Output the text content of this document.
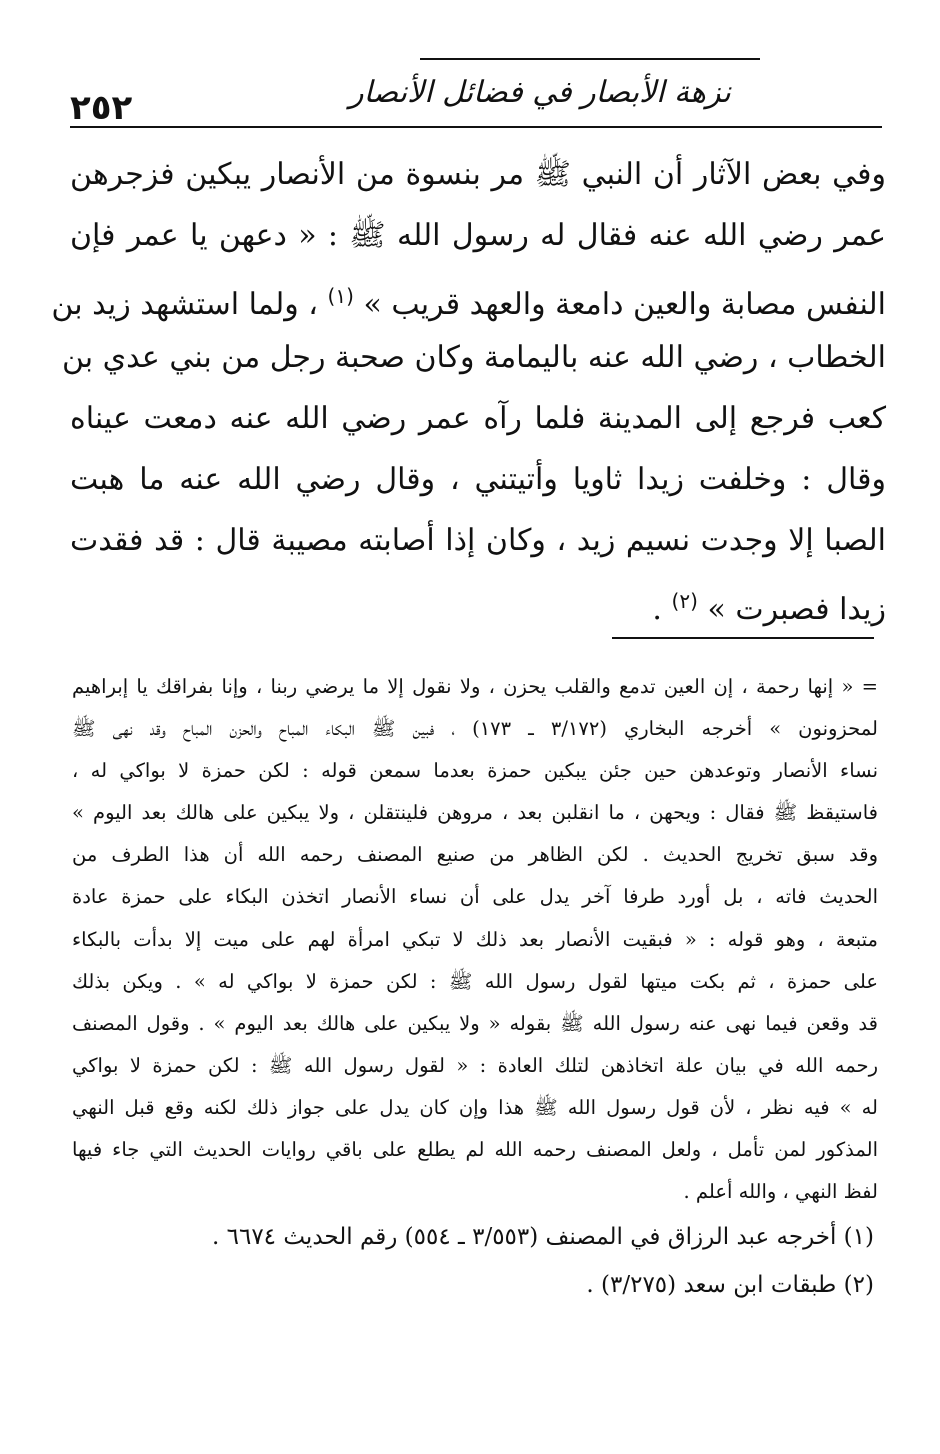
٢٥٢	نزهة الأبصار في فضائل الأنصار
وفي بعض الآثار أن النبي ﷺ مر بنسوة من الأنصار يبكين فزجرهن
عمر رضي الله عنه فقال له رسول الله ﷺ : « دعهن يا عمر فإن
النفس مصابة والعين دامعة والعهد قريب » $^{(١)}$ ، ولما استشهد زيد بن
الخطاب ، رضي الله عنه باليمامة وكان صحبة رجل من بني عدي بن
كعب فرجع إلى المدينة فلما رآه عمر رضي الله عنه دمعت عيناه
وقال : وخلفت زيدا ثاويا وأتيتني ، وقال رضي الله عنه ما هبت
الصبا إلا وجدت نسيم زيد ، وكان إذا أصابته مصيبة قال : قد فقدت
زيدا فصبرت » $^{(٢)}$ .
= « إنها رحمة ، إن العين تدمع والقلب يحزن ، ولا نقول إلا ما يرضي ربنا ، وإنا بفراقك يا إبراهيم
لمحزونون » أخرجه البخاري (٣/١٧٢ ـ ١٧٣) ، فبين ﷺ البكاء المباح والحزن المباح وقد نهى ﷺ
نساء الأنصار وتوعدهن حين جئن يبكين حمزة بعدما سمعن قوله : لكن حمزة لا بواكي له ،
فاستيقظ ﷺ فقال : ويحهن ، ما انقلبن بعد ، مروهن فلينتقلن ، ولا يبكين على هالك بعد اليوم »
وقد سبق تخريج الحديث . لكن الظاهر من صنيع المصنف رحمه الله أن هذا الطرف من
الحديث فاته ، بل أورد طرفا آخر يدل على أن نساء الأنصار اتخذن البكاء على حمزة عادة
متبعة ، وهو قوله : « فبقيت الأنصار بعد ذلك لا تبكي امرأة لهم على ميت إلا بدأت بالبكاء
على حمزة ، ثم بكت ميتها لقول رسول الله ﷺ : لكن حمزة لا بواكي له » . ويكن بذلك
قد وقعن فيما نهى عنه رسول الله ﷺ بقوله « ولا يبكين على هالك بعد اليوم » . وقول المصنف
رحمه الله في بيان علة اتخاذهن لتلك العادة : « لقول رسول الله ﷺ : لكن حمزة لا بواكي
له » فيه نظر ، لأن قول رسول الله ﷺ هذا وإن كان يدل على جواز ذلك لكنه وقع قبل النهي
المذكور لمن تأمل ، ولعل المصنف رحمه الله لم يطلع على باقي روايات الحديث التي جاء فيها
لفظ النهي ، والله أعلم .
(١) أخرجه عبد الرزاق في المصنف (٣/٥٥٣ ـ ٥٥٤) رقم الحديث ٦٦٧٤ .
(٢) طبقات ابن سعد (٣/٢٧٥) .
